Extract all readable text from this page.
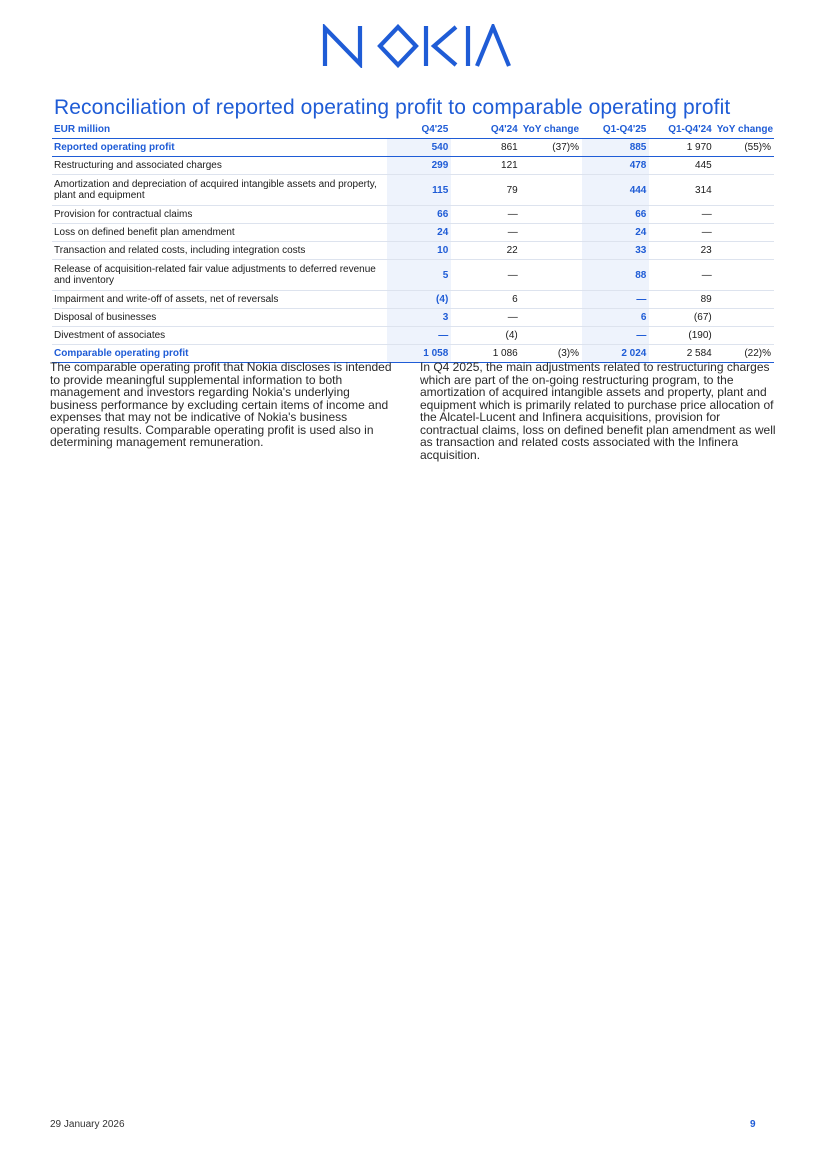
Reconciliation of reported operating profit to comparable operating profit
EUR million	Q4'25	Q4'24	YoY change	Q1-Q4'25	Q1-Q4'24	YoY change
Reported operating profit	540	861	(37)%	885	1 970	(55)%
Restructuring and associated charges	299	121		478	445	
Amortization and depreciation of acquired intangible assets and property, plant and equipment	115	79		444	314	
Provision for contractual claims	66	—		66	—	
Loss on defined benefit plan amendment	24	—		24	—	
Transaction and related costs, including integration costs	10	22		33	23	
Release of acquisition-related fair value adjustments to deferred revenue and inventory	5	—		88	—	
Impairment and write-off of assets, net of reversals	(4)	6		—	89	
Disposal of businesses	3	—		6	(67)	
Divestment of associates	—	(4)		—	(190)	
Comparable operating profit	1 058	1 086	(3)%	2 024	2 584	(22)%

The comparable operating profit that Nokia discloses is intended to provide meaningful supplemental information to both management and investors regarding Nokia's underlying business performance by excluding certain items of income and expenses that may not be indicative of Nokia's business operating results. Comparable operating profit is used also in determining management remuneration.

In Q4 2025, the main adjustments related to restructuring charges which are part of the on-going restructuring program, to the amortization of acquired intangible assets and property, plant and equipment which is primarily related to purchase price allocation of the Alcatel-Lucent and Infinera acquisitions, provision for contractual claims, loss on defined benefit plan amendment as well as transaction and related costs associated with the Infinera acquisition.

29 January 2026	9
